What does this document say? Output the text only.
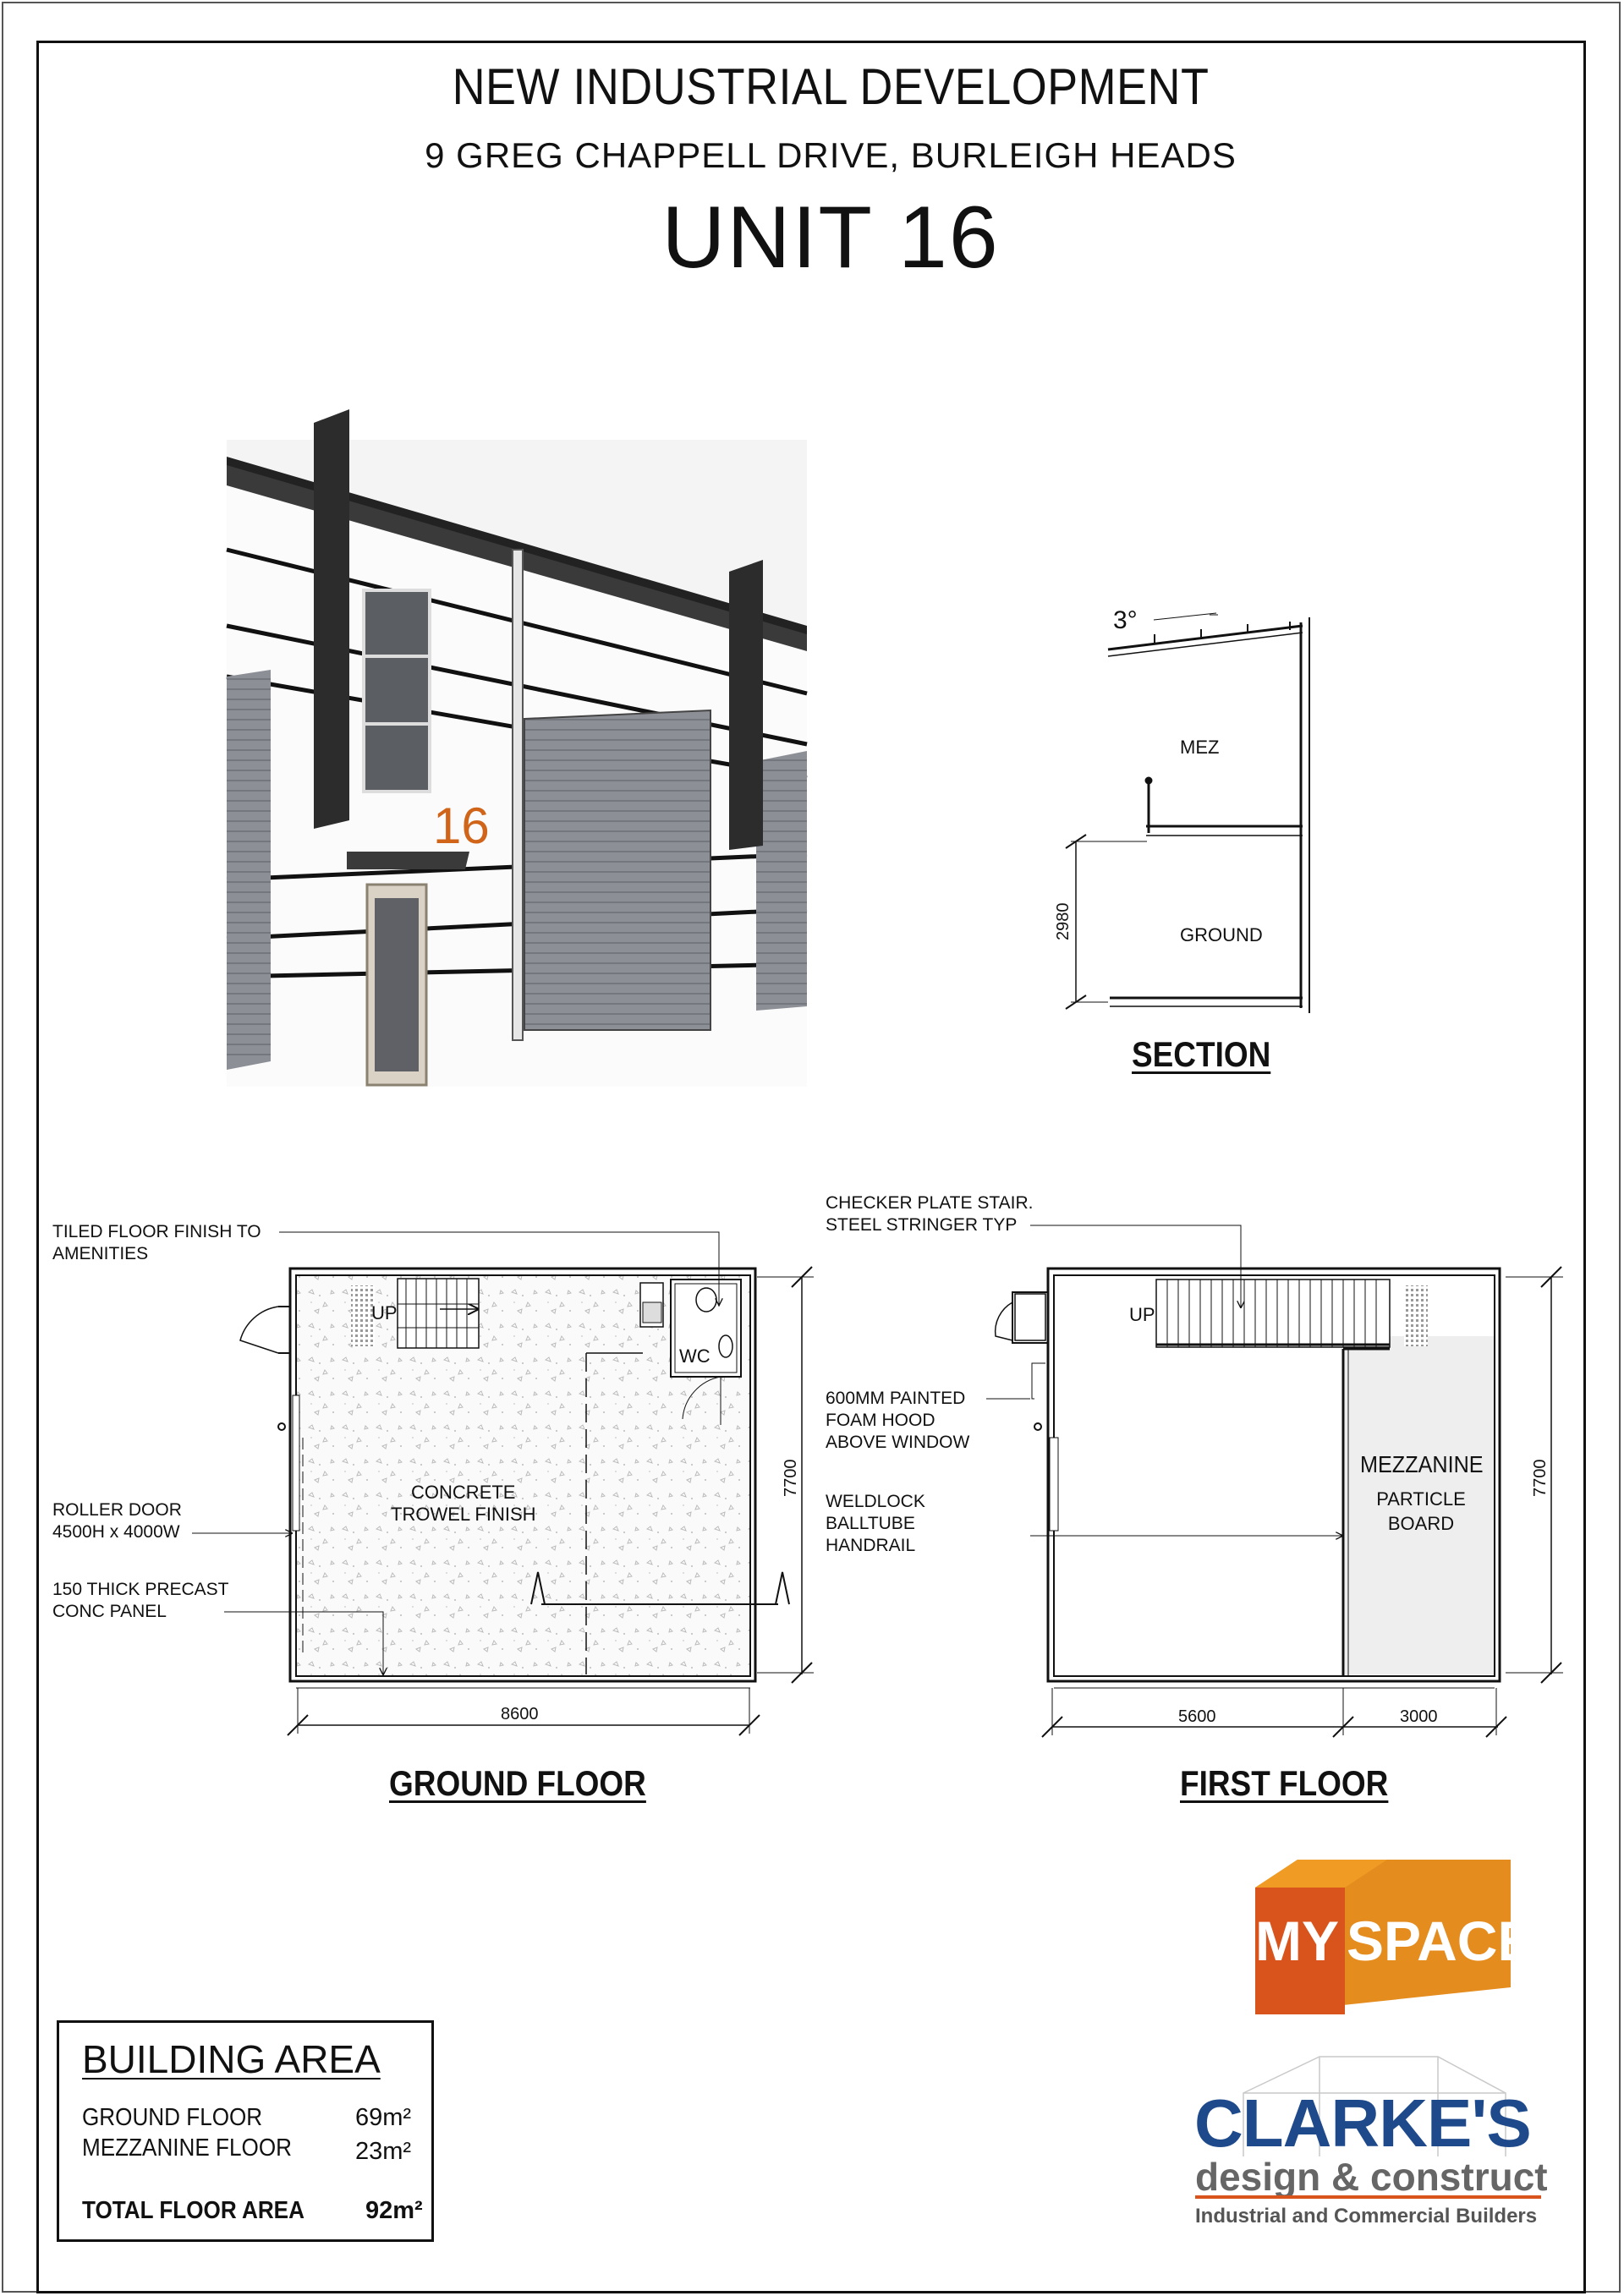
NEW INDUSTRIAL DEVELOPMENT
9 GREG CHAPPELL DRIVE, BURLEIGH HEADS
UNIT 16
16
3°
MEZ
GROUND
2980
UP
WC
8600
7700
UP
5600	3000
7700
MY SPACE
CLARKE'S
design & construct
Industrial and Commercial Builders
SECTION
GROUND FLOOR	FIRST FLOOR
TILED FLOOR FINISH TO
AMENITIES
ROLLER DOOR
4500H x 4000W
150 THICK PRECAST
CONC PANEL
CONCRETE
TROWEL FINISH
CHECKER PLATE STAIR.
STEEL STRINGER TYP
600MM PAINTED
FOAM HOOD
ABOVE WINDOW
WELDLOCK
BALLTUBE
HANDRAIL
MEZZANINE
PARTICLE
BOARD
BUILDING AREA
GROUND FLOOR	69m²
MEZZANINE FLOOR	23m²
TOTAL FLOOR AREA 92m²
